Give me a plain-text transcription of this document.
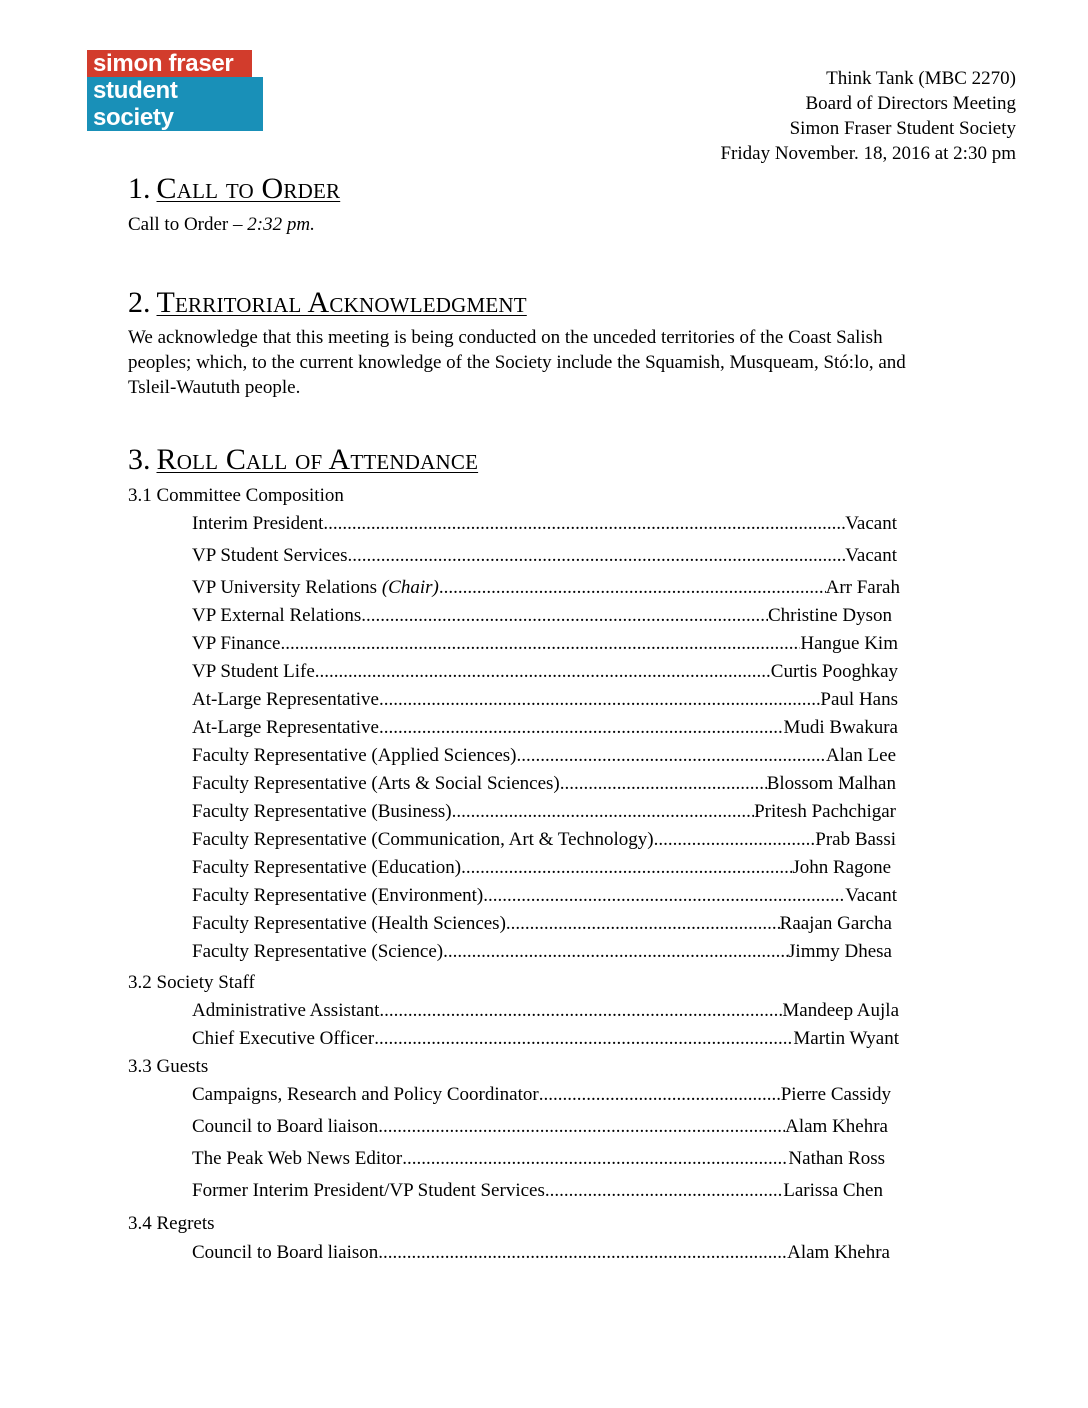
simon fraser
student society
Think Tank (MBC 2270)
Board of Directors Meeting
Simon Fraser Student Society
Friday November. 18, 2016 at 2:30 pm
1. Call to Order
Call to Order – 2:32 pm.
2. Territorial Acknowledgment
We acknowledge that this meeting is being conducted on the unceded territories of the Coast Salish peoples; which, to the current knowledge of the Society include the Squamish, Musqueam, Stó:lo, and Tsleil-Waututh people.
3. Roll Call of Attendance
3.1 Committee Composition
Interim President .....	Vacant
VP Student Services .....	Vacant
VP University Relations (Chair) .....	Arr Farah
VP External Relations .....	Christine Dyson
VP Finance .....	Hangue Kim
VP Student Life .....	Curtis Pooghkay
At-Large Representative .....	Paul Hans
At-Large Representative .....	Mudi Bwakura
Faculty Representative (Applied Sciences) .....	Alan Lee
Faculty Representative (Arts & Social Sciences) .....	Blossom Malhan
Faculty Representative (Business) .....	Pritesh Pachchigar
Faculty Representative (Communication, Art & Technology) .....	Prab Bassi
Faculty Representative (Education) .....	John Ragone
Faculty Representative (Environment) .....	Vacant
Faculty Representative (Health Sciences) .....	Raajan Garcha
Faculty Representative (Science) .....	Jimmy Dhesa
3.2 Society Staff
Administrative Assistant .....	Mandeep Aujla
Chief Executive Officer .....	Martin Wyant
3.3 Guests
Campaigns, Research and Policy Coordinator .....	Pierre Cassidy
Council to Board liaison .....	Alam Khehra
The Peak Web News Editor .....	Nathan Ross
Former Interim President/VP Student Services .....	Larissa Chen
3.4 Regrets
Council to Board liaison .....	Alam Khehra
